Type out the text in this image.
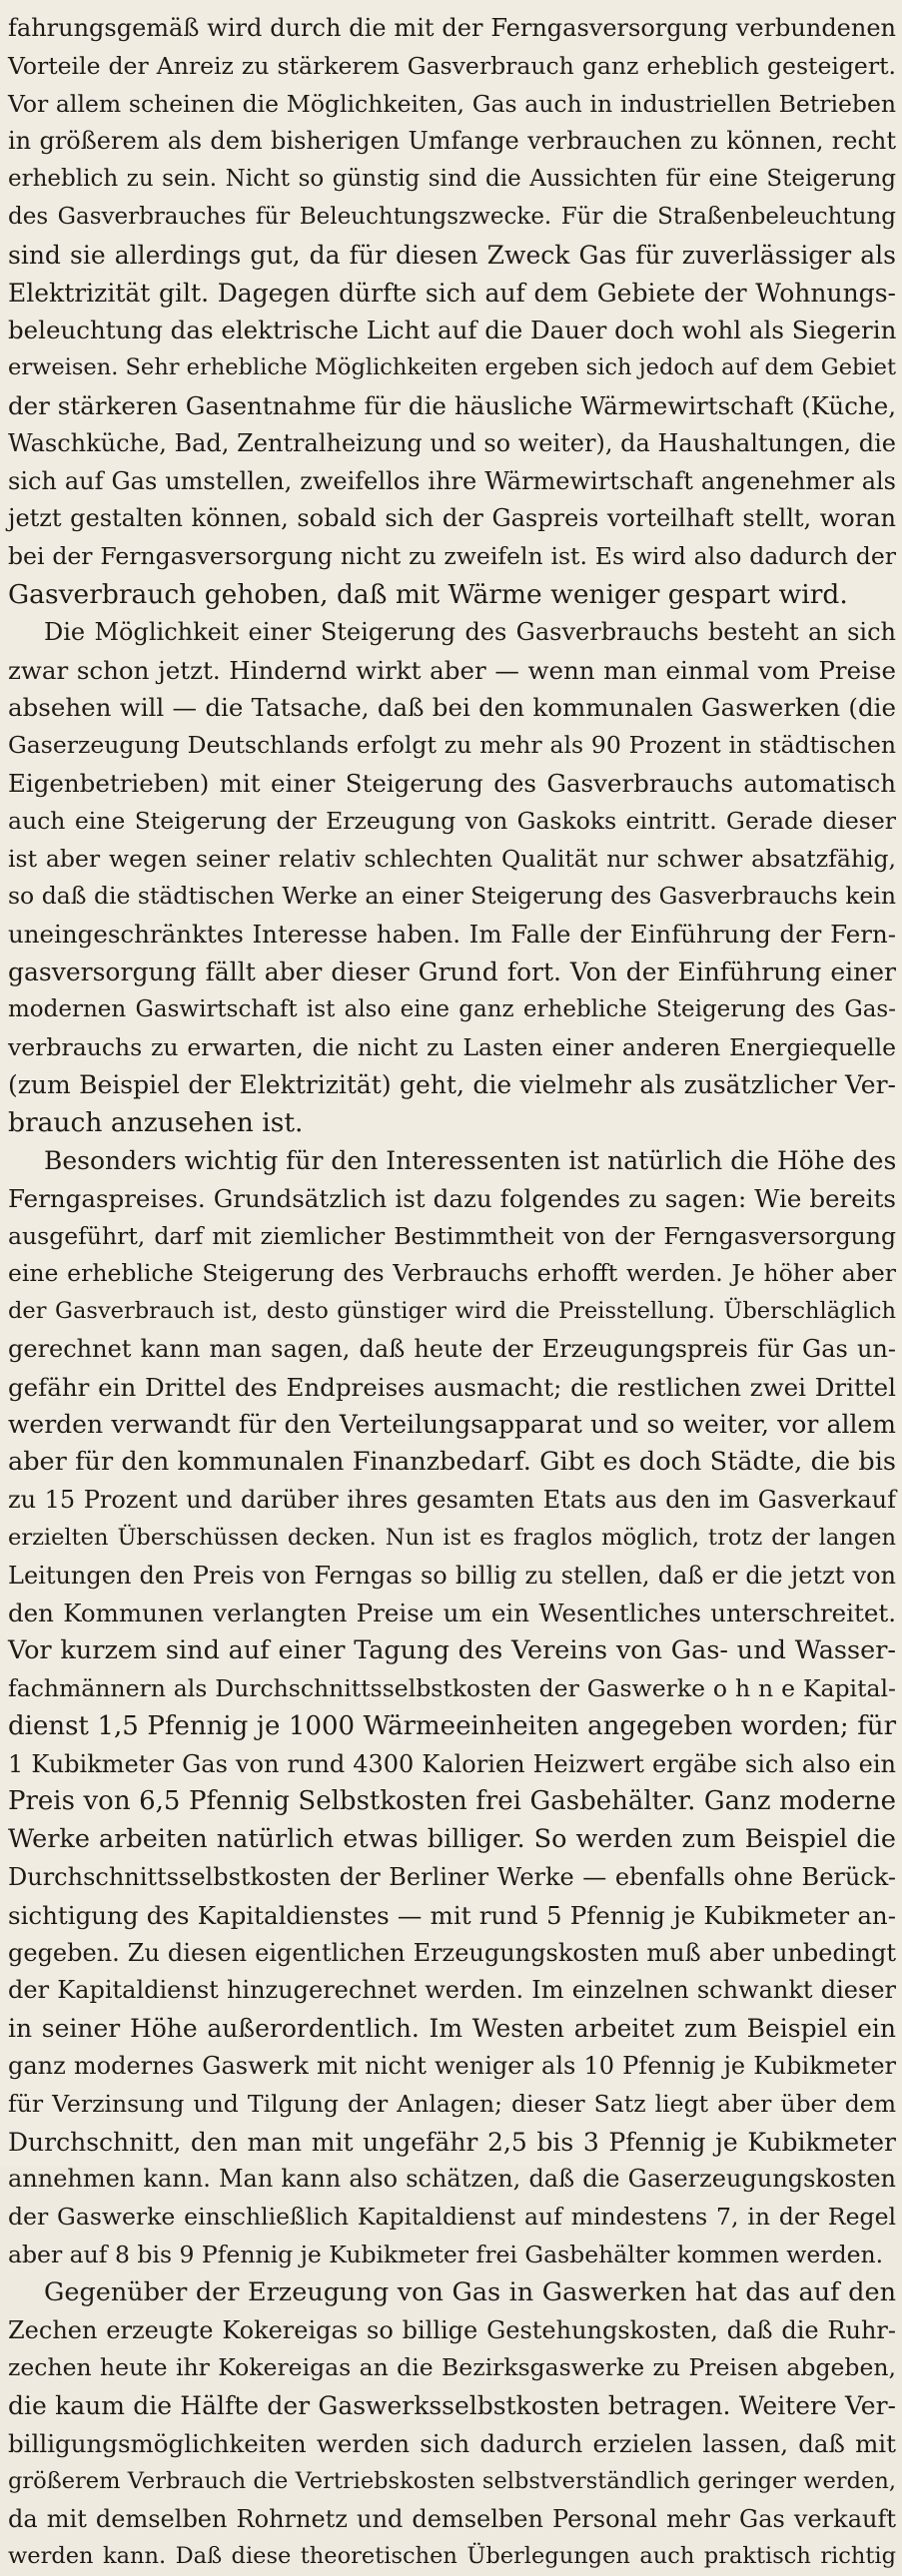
fahrungsgemäß wird durch die mit der Ferngasversorgung verbundenen
Vorteile der Anreiz zu stärkerem Gasverbrauch ganz erheblich gesteigert.
Vor allem scheinen die Möglichkeiten, Gas auch in industriellen Betrieben
in größerem als dem bisherigen Umfange verbrauchen zu können, recht
erheblich zu sein. Nicht so günstig sind die Aussichten für eine Steigerung
des Gasverbrauches für Beleuchtungszwecke. Für die Straßenbeleuchtung
sind sie allerdings gut, da für diesen Zweck Gas für zuverlässiger als
Elektrizität gilt. Dagegen dürfte sich auf dem Gebiete der Wohnungs-
beleuchtung das elektrische Licht auf die Dauer doch wohl als Siegerin
erweisen. Sehr erhebliche Möglichkeiten ergeben sich jedoch auf dem Gebiet
der stärkeren Gasentnahme für die häusliche Wärmewirtschaft (Küche,
Waschküche, Bad, Zentralheizung und so weiter), da Haushaltungen, die
sich auf Gas umstellen, zweifellos ihre Wärmewirtschaft angenehmer als
jetzt gestalten können, sobald sich der Gaspreis vorteilhaft stellt, woran
bei der Ferngasversorgung nicht zu zweifeln ist. Es wird also dadurch der
Gasverbrauch gehoben, daß mit Wärme weniger gespart wird.
Die Möglichkeit einer Steigerung des Gasverbrauchs besteht an sich
zwar schon jetzt. Hindernd wirkt aber — wenn man einmal vom Preise
absehen will — die Tatsache, daß bei den kommunalen Gaswerken (die
Gaserzeugung Deutschlands erfolgt zu mehr als 90 Prozent in städtischen
Eigenbetrieben) mit einer Steigerung des Gasverbrauchs automatisch
auch eine Steigerung der Erzeugung von Gaskoks eintritt. Gerade dieser
ist aber wegen seiner relativ schlechten Qualität nur schwer absatzfähig,
so daß die städtischen Werke an einer Steigerung des Gasverbrauchs kein
uneingeschränktes Interesse haben. Im Falle der Einführung der Fern-
gasversorgung fällt aber dieser Grund fort. Von der Einführung einer
modernen Gaswirtschaft ist also eine ganz erhebliche Steigerung des Gas-
verbrauchs zu erwarten, die nicht zu Lasten einer anderen Energiequelle
(zum Beispiel der Elektrizität) geht, die vielmehr als zusätzlicher Ver-
brauch anzusehen ist.
Besonders wichtig für den Interessenten ist natürlich die Höhe des
Ferngaspreises. Grundsätzlich ist dazu folgendes zu sagen: Wie bereits
ausgeführt, darf mit ziemlicher Bestimmtheit von der Ferngasversorgung
eine erhebliche Steigerung des Verbrauchs erhofft werden. Je höher aber
der Gasverbrauch ist, desto günstiger wird die Preisstellung. Überschläglich
gerechnet kann man sagen, daß heute der Erzeugungspreis für Gas un-
gefähr ein Drittel des Endpreises ausmacht; die restlichen zwei Drittel
werden verwandt für den Verteilungsapparat und so weiter, vor allem
aber für den kommunalen Finanzbedarf. Gibt es doch Städte, die bis
zu 15 Prozent und darüber ihres gesamten Etats aus den im Gasverkauf
erzielten Überschüssen decken. Nun ist es fraglos möglich, trotz der langen
Leitungen den Preis von Ferngas so billig zu stellen, daß er die jetzt von
den Kommunen verlangten Preise um ein Wesentliches unterschreitet.
Vor kurzem sind auf einer Tagung des Vereins von Gas- und Wasser-
fachmännern als Durchschnittsselbstkosten der Gaswerke o h n e Kapital-
dienst 1,5 Pfennig je 1000 Wärmeeinheiten angegeben worden; für
1 Kubikmeter Gas von rund 4300 Kalorien Heizwert ergäbe sich also ein
Preis von 6,5 Pfennig Selbstkosten frei Gasbehälter. Ganz moderne
Werke arbeiten natürlich etwas billiger. So werden zum Beispiel die
Durchschnittsselbstkosten der Berliner Werke — ebenfalls ohne Berück-
sichtigung des Kapitaldienstes — mit rund 5 Pfennig je Kubikmeter an-
gegeben. Zu diesen eigentlichen Erzeugungskosten muß aber unbedingt
der Kapitaldienst hinzugerechnet werden. Im einzelnen schwankt dieser
in seiner Höhe außerordentlich. Im Westen arbeitet zum Beispiel ein
ganz modernes Gaswerk mit nicht weniger als 10 Pfennig je Kubikmeter
für Verzinsung und Tilgung der Anlagen; dieser Satz liegt aber über dem
Durchschnitt, den man mit ungefähr 2,5 bis 3 Pfennig je Kubikmeter
annehmen kann. Man kann also schätzen, daß die Gaserzeugungskosten
der Gaswerke einschließlich Kapitaldienst auf mindestens 7, in der Regel
aber auf 8 bis 9 Pfennig je Kubikmeter frei Gasbehälter kommen werden.
Gegenüber der Erzeugung von Gas in Gaswerken hat das auf den
Zechen erzeugte Kokereigas so billige Gestehungskosten, daß die Ruhr-
zechen heute ihr Kokereigas an die Bezirksgaswerke zu Preisen abgeben,
die kaum die Hälfte der Gaswerksselbstkosten betragen. Weitere Ver-
billigungsmöglichkeiten werden sich dadurch erzielen lassen, daß mit
größerem Verbrauch die Vertriebskosten selbstverständlich geringer werden,
da mit demselben Rohrnetz und demselben Personal mehr Gas verkauft
werden kann. Daß diese theoretischen Überlegungen auch praktisch richtig
